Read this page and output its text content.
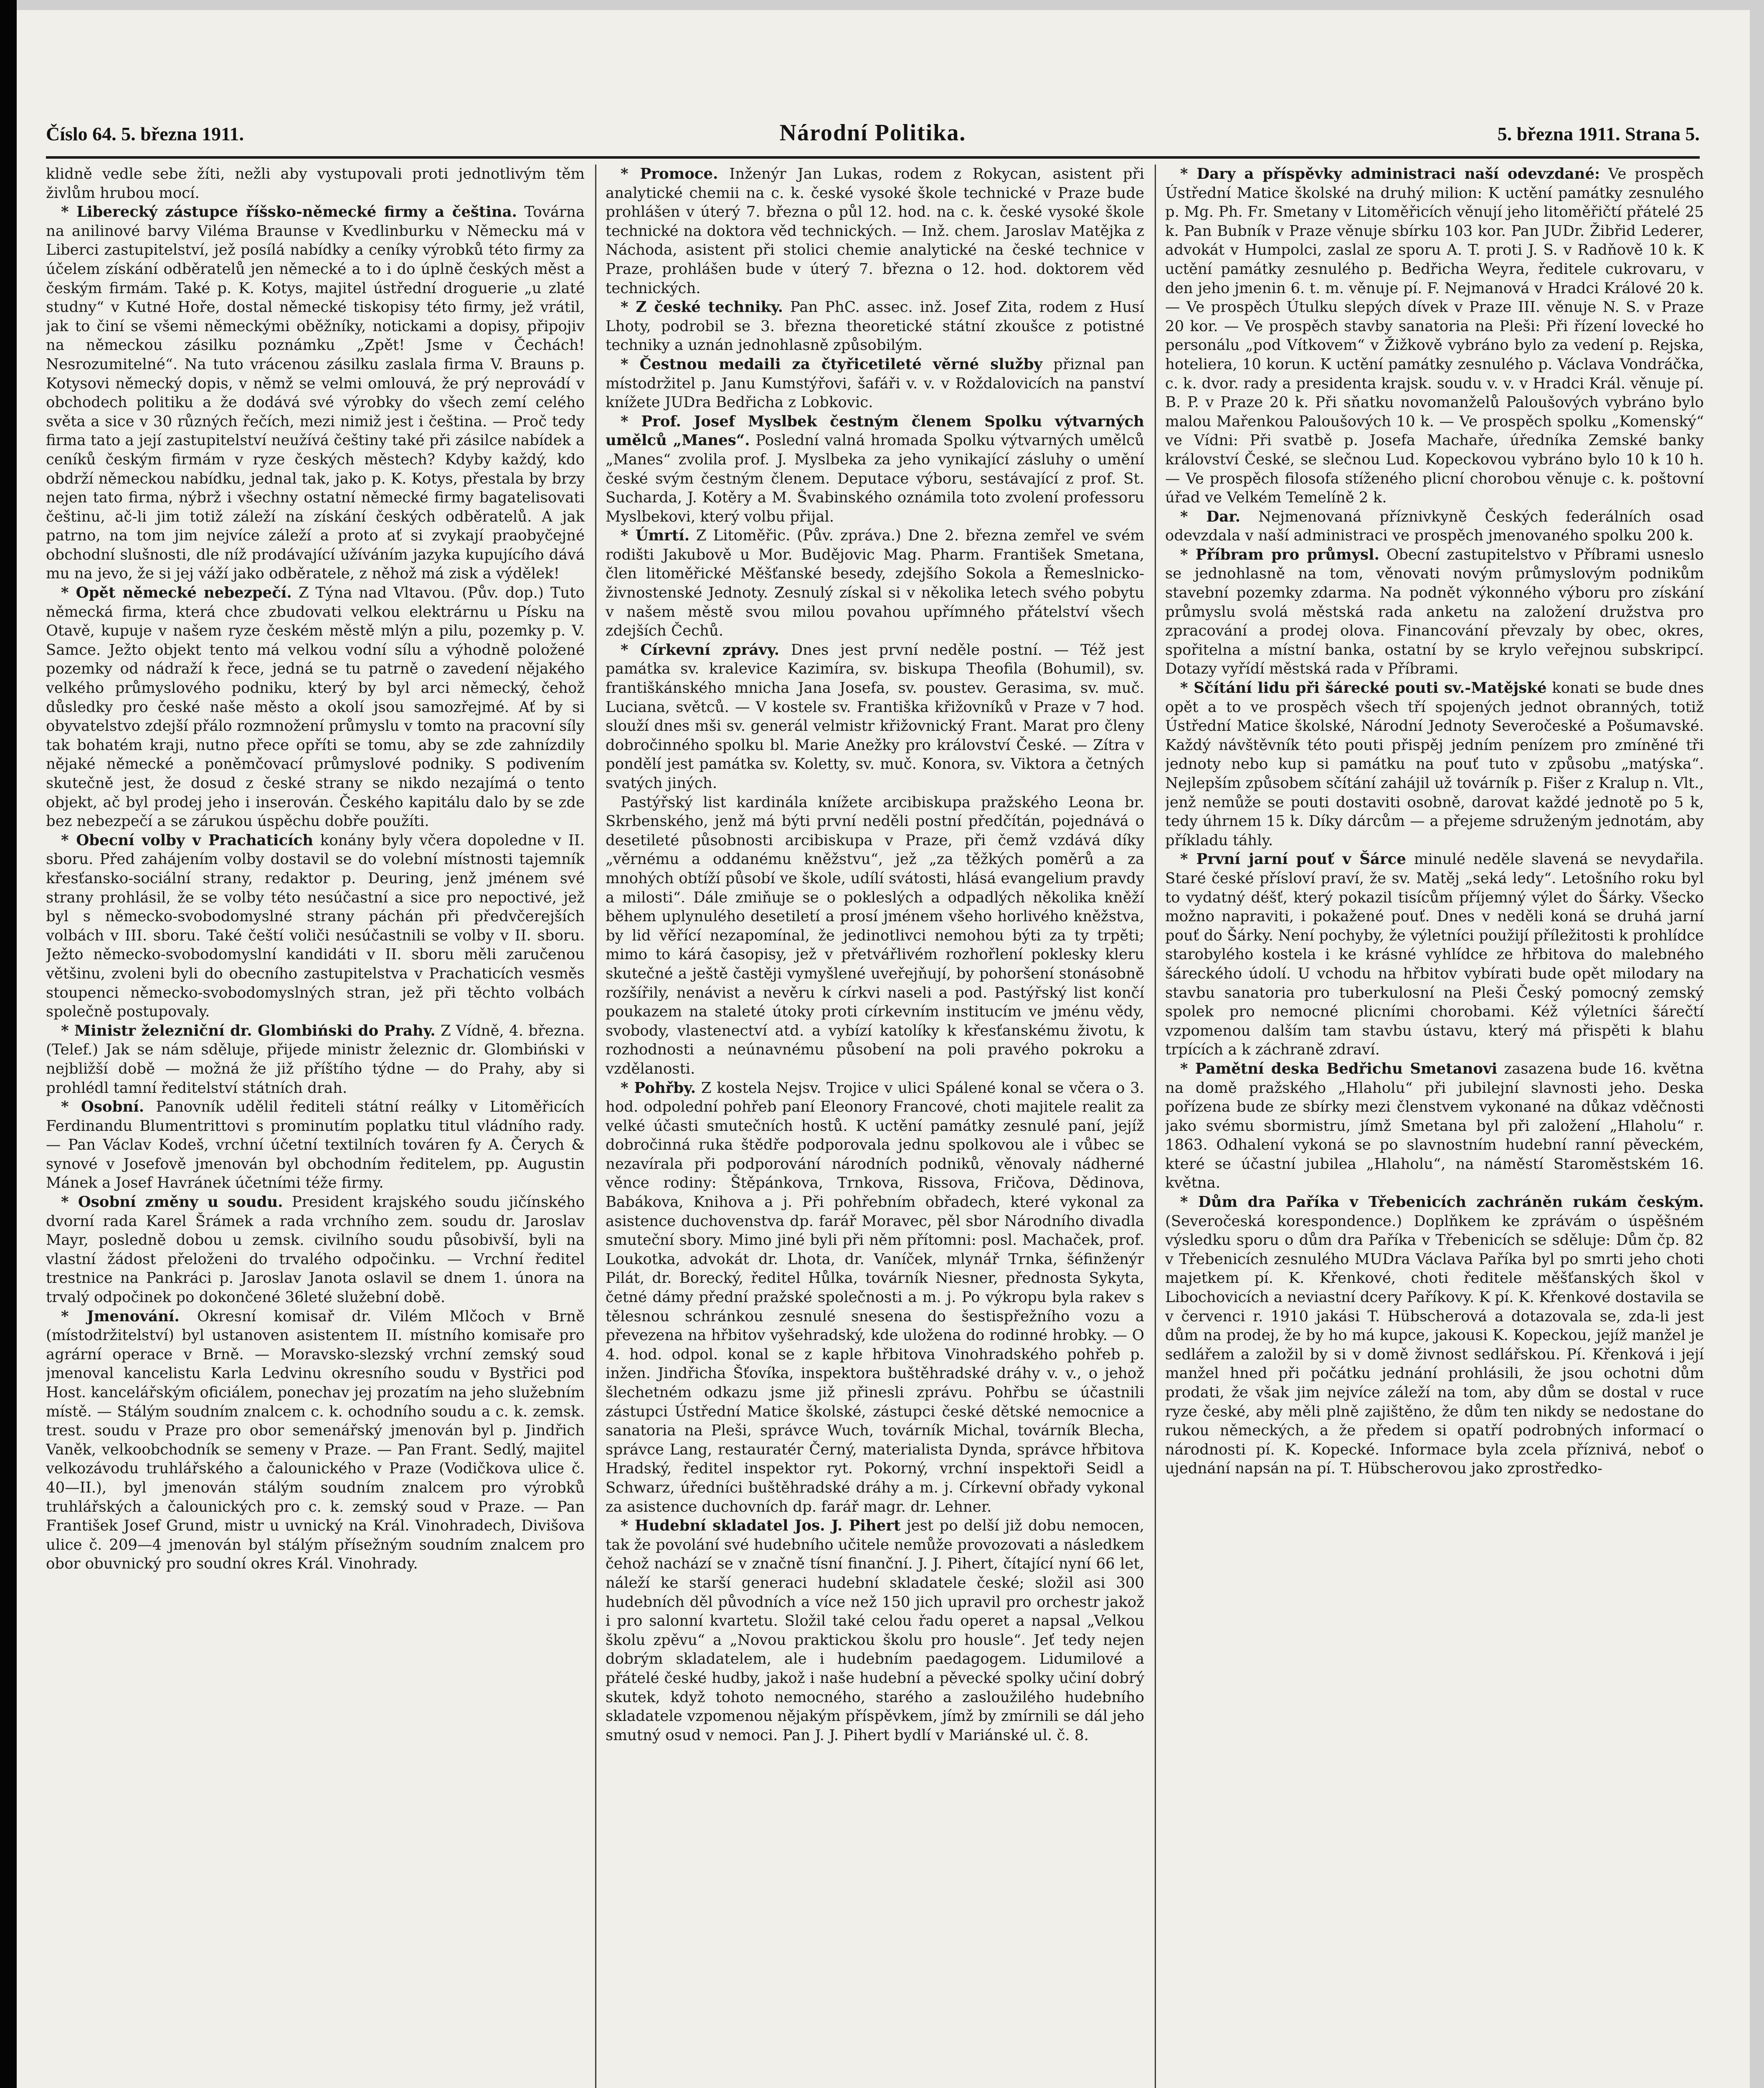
Číslo 64. 5. března 1911.	Národní Politika.	5. března 1911. Strana 5.

klidně vedle sebe žíti, nežli aby vystupovali proti jednotlivým těm živlům hrubou mocí.

* Liberecký zástupce říšsko-německé firmy a čeština. Továrna na anilinové barvy Viléma Braunse v Kvedlinburku v Německu má v Liberci zastupitelství, jež posílá nabídky a ceníky výrobků této firmy za účelem získání odběratelů jen německé a to i do úplně českých měst a českým firmám. Také p. K. Kotys, majitel ústřední droguerie „u zlaté studny“ v Kutné Hoře, dostal německé tiskopisy této firmy, jež vrátil, jak to činí se všemi německými oběžníky, notickami a dopisy, připojiv na německou zásilku poznámku „Zpět! Jsme v Čechách! Nesrozumitelné“. Na tuto vrácenou zásilku zaslala firma V. Brauns p. Kotysovi německý dopis, v němž se velmi omlouvá, že prý neprovádí v obchodech politiku a že dodává své výrobky do všech zemí celého světa a sice v 30 různých řečích, mezi nimiž jest i čeština. — Proč tedy firma tato a její zastupitelství neužívá češtiny také při zásilce nabídek a ceníků českým firmám v ryze českých městech? Kdyby každý, kdo obdrží německou nabídku, jednal tak, jako p. K. Kotys, přestala by brzy nejen tato firma, nýbrž i všechny ostatní německé firmy bagatelisovati češtinu, ač-li jim totiž záleží na získání českých odběratelů. A jak patrno, na tom jim nejvíce záleží a proto ať si zvykají praobyčejné obchodní slušnosti, dle níž prodávající užíváním jazyka kupujícího dává mu na jevo, že si jej váží jako odběratele, z něhož má zisk a výdělek!

* Opět německé nebezpečí. Z Týna nad Vltavou. (Pův. dop.) Tuto německá firma, která chce zbudovati velkou elektrárnu u Písku na Otavě, kupuje v našem ryze českém městě mlýn a pilu, pozemky p. V. Samce. Ježto objekt tento má velkou vodní sílu a výhodně položené pozemky od nádraží k řece, jedná se tu patrně o zavedení nějakého velkého průmyslového podniku, který by byl arci německý, čehož důsledky pro české naše město a okolí jsou samozřejmé. Ať by si obyvatelstvo zdejší přálo rozmnožení průmyslu v tomto na pracovní síly tak bohatém kraji, nutno přece opříti se tomu, aby se zde zahnízdily nějaké německé a poněmčovací průmyslové podniky. S podivením skutečně jest, že dosud z české strany se nikdo nezajímá o tento objekt, ač byl prodej jeho i inserován. Českého kapitálu dalo by se zde bez nebezpečí a se zárukou úspěchu dobře použíti.

* Obecní volby v Prachaticích konány byly včera dopoledne v II. sboru. Před zahájením volby dostavil se do volební místnosti tajemník křesťansko-sociální strany, redaktor p. Deuring, jenž jménem své strany prohlásil, že se volby této nesúčastní a sice pro nepoctivé, jež byl s německo-svobodomyslné strany páchán při předvčerejších volbách v III. sboru. Také čeští voliči nesúčastnili se volby v II. sboru. Ježto německo-svobodomyslní kandidáti v II. sboru měli zaručenou většinu, zvoleni byli do obecního zastupitelstva v Prachaticích vesměs stoupenci německo-svobodomyslných stran, jež při těchto volbách společně postupovaly.

* Ministr železniční dr. Glombiński do Prahy. Z Vídně, 4. března. (Telef.) Jak se nám sděluje, přijede ministr železnic dr. Glombiński v nejbližší době — možná že již příštího týdne — do Prahy, aby si prohlédl tamní ředitelství státních drah.

* Osobní. Panovník udělil řediteli státní reálky v Litoměřicích Ferdinandu Blumentrittovi s prominutím poplatku titul vládního rady. — Pan Václav Kodeš, vrchní účetní textilních továren fy A. Čerych & synové v Josefově jmenován byl obchodním ředitelem, pp. Augustin Mánek a Josef Havránek účetními téže firmy.

* Osobní změny u soudu. President krajského soudu jičínského dvorní rada Karel Šrámek a rada vrchního zem. soudu dr. Jaroslav Mayr, posledně dobou u zemsk. civilního soudu působivší, byli na vlastní žádost přeloženi do trvalého odpočinku. — Vrchní ředitel trestnice na Pankráci p. Jaroslav Janota oslavil se dnem 1. února na trvalý odpočinek po dokončené 36leté služební době.

* Jmenování. Okresní komisař dr. Vilém Mlčoch v Brně (místodržitelství) byl ustanoven asistentem II. místního komisaře pro agrární operace v Brně. — Moravsko-slezský vrchní zemský soud jmenoval kancelistu Karla Ledvinu okresního soudu v Bystřici pod Host. kancelářským oficiálem, ponechav jej prozatím na jeho služebním místě. — Stálým soudním znalcem c. k. ochodního soudu a c. k. zemsk. trest. soudu v Praze pro obor semenářský jmenován byl p. Jindřich Vaněk, velkoobchodník se semeny v Praze. — Pan Frant. Sedlý, majitel velkozávodu truhlářského a čalounického v Praze (Vodičkova ulice č. 40—II.), byl jmenován stálým soudním znalcem pro výrobků truhlářských a čalounických pro c. k. zemský soud v Praze. — Pan František Josef Grund, mistr u uvnický na Král. Vinohradech, Divišova ulice č. 209—4 jmenován byl stálým přísežným soudním znalcem pro obor obuvnický pro soudní okres Král. Vinohrady.

* Promoce. Inženýr Jan Lukas, rodem z Rokycan, asistent při analytické chemii na c. k. české vysoké škole technické v Praze bude prohlášen v úterý 7. března o půl 12. hod. na c. k. české vysoké škole technické na doktora věd technických. — Inž. chem. Jaroslav Matějka z Náchoda, asistent při stolici chemie analytické na české technice v Praze, prohlášen bude v úterý 7. března o 12. hod. doktorem věd technických.

* Z české techniky. Pan PhC. assec. inž. Josef Zita, rodem z Husí Lhoty, podrobil se 3. března theoretické státní zkoušce z potistné techniky a uznán jednohlasně způsobilým.

* Čestnou medaili za čtyřicetileté věrné služby přiznal pan místodržitel p. Janu Kumstýřovi, šafáři v. v. v Roždalovicích na panství knížete JUDra Bedřicha z Lobkovic.

* Prof. Josef Myslbek čestným členem Spolku výtvarných umělců „Manes“. Poslední valná hromada Spolku výtvarných umělců „Manes“ zvolila prof. J. Myslbeka za jeho vynikající zásluhy o umění české svým čestným členem. Deputace výboru, sestávající z prof. St. Sucharda, J. Kotěry a M. Švabinského oznámila toto zvolení professoru Myslbekovi, který volbu přijal.

* Úmrtí. Z Litoměřic. (Pův. zpráva.) Dne 2. března zemřel ve svém rodišti Jakubově u Mor. Budějovic Mag. Pharm. František Smetana, člen litoměřické Měšťanské besedy, zdejšího Sokola a Řemeslnicko-živnostenské Jednoty. Zesnulý získal si v několika letech svého pobytu v našem městě svou milou povahou upřímného přátelství všech zdejších Čechů.

* Církevní zprávy. Dnes jest první neděle postní. — Též jest památka sv. kralevice Kazimíra, sv. biskupa Theofila (Bohumil), sv. františkánského mnicha Jana Josefa, sv. poustev. Gerasima, sv. muč. Luciana, světců. — V kostele sv. Františka křižovníků v Praze v 7 hod. slouží dnes mši sv. generál velmistr křižovnický Frant. Marat pro členy dobročinného spolku bl. Marie Anežky pro království České. — Zítra v pondělí jest památka sv. Koletty, sv. muč. Konora, sv. Viktora a četných svatých jiných.

Pastýřský list kardinála knížete arcibiskupa pražského Leona br. Skrbenského, jenž má býti první neděli postní předčítán, pojednává o desetileté působnosti arcibiskupa v Praze, při čemž vzdává díky „věrnému a oddanému kněžstvu“, jež „za těžkých poměrů a za mnohých obtíží působí ve škole, udílí svátosti, hlásá evangelium pravdy a milosti“. Dále zmiňuje se o pokleslých a odpadlých několika kněží během uplynulého desetiletí a prosí jménem všeho horlivého kněžstva, by lid věřící nezapomínal, že jedinotlivci nemohou býti za ty trpěti; mimo to kárá časopisy, jež v přetvářlivém rozhořlení poklesky kleru skutečné a ještě častěji vymyšlené uveřejňují, by pohoršení stonásobně rozšířily, nenávist a nevěru k církvi naseli a pod. Pastýřský list končí poukazem na staleté útoky proti církevním institucím ve jménu vědy, svobody, vlastenectví atd. a vybízí katolíky k křesťanskému životu, k rozhodnosti a neúnavnému působení na poli pravého pokroku a vzdělanosti.

* Pohřby. Z kostela Nejsv. Trojice v ulici Spálené konal se včera o 3. hod. odpolední pohřeb paní Eleonory Francové, choti majitele realit za velké účasti smutečních hostů. K uctění památky zesnulé paní, jejíž dobročinná ruka štědře podporovala jednu spolkovou ale i vůbec se nezavírala při podporování národních podniků, věnovaly nádherné věnce rodiny: Štěpánkova, Trnkova, Rissova, Fričova, Dědinova, Babákova, Knihova a j. Při pohřebním obřadech, které vykonal za asistence duchovenstva dp. farář Moravec, pěl sbor Národního divadla smuteční sbory. Mimo jiné byli při něm přítomni: posl. Machaček, prof. Loukotka, advokát dr. Lhota, dr. Vaníček, mlynář Trnka, šéfinženýr Pilát, dr. Borecký, ředitel Hůlka, továrník Niesner, přednosta Sykyta, četné dámy přední pražské společnosti a m. j. Po výkropu byla rakev s tělesnou schránkou zesnulé snesena do šestispřežního vozu a převezena na hřbitov vyšehradský, kde uložena do rodinné hrobky. — O 4. hod. odpol. konal se z kaple hřbitova Vinohradského pohřeb p. inžen. Jindřicha Šťovíka, inspektora buštěhradské dráhy v. v., o jehož šlechetném odkazu jsme již přinesli zprávu. Pohřbu se účastnili zástupci Ústřední Matice školské, zástupci české dětské nemocnice a sanatoria na Pleši, správce Wuch, továrník Michal, továrník Blecha, správce Lang, restauratér Černý, materialista Dynda, správce hřbitova Hradský, ředitel inspektor ryt. Pokorný, vrchní inspektoři Seidl a Schwarz, úředníci buštěhradské dráhy a m. j. Církevní obřady vykonal za asistence duchovních dp. farář magr. dr. Lehner.

* Hudební skladatel Jos. J. Pihert jest po delší již dobu nemocen, tak že povolání své hudebního učitele nemůže provozovati a následkem čehož nachází se v značně tísní finanční. J. J. Pihert, čítající nyní 66 let, náleží ke starší generaci hudební skladatele české; složil asi 300 hudebních děl původních a více než 150 jich upravil pro orchestr jakož i pro salonní kvartetu. Složil také celou řadu operet a napsal „Velkou školu zpěvu“ a „Novou praktickou školu pro housle“. Jeť tedy nejen dobrým skladatelem, ale i hudebním paedagogem. Lidumilové a přátelé české hudby, jakož i naše hudební a pěvecké spolky učiní dobrý skutek, když tohoto nemocného, starého a zasloužilého hudebního skladatele vzpomenou nějakým příspěvkem, jímž by zmírnili se dál jeho smutný osud v nemoci. Pan J. J. Pihert bydlí v Mariánské ul. č. 8.

* Dary a příspěvky administraci naší odevzdané: Ve prospěch Ústřední Matice školské na druhý milion: K uctění památky zesnulého p. Mg. Ph. Fr. Smetany v Litoměřicích věnují jeho litoměřičtí přátelé 25 k. Pan Bubník v Praze věnuje sbírku 103 kor. Pan JUDr. Žibřid Lederer, advokát v Humpolci, zaslal ze sporu A. T. proti J. S. v Radňově 10 k. K uctění památky zesnulého p. Bedřicha Weyra, ředitele cukrovaru, v den jeho jmenin 6. t. m. věnuje pí. F. Nejmanová v Hradci Králové 20 k. — Ve prospěch Útulku slepých dívek v Praze III. věnuje N. S. v Praze 20 kor. — Ve prospěch stavby sanatoria na Pleši: Při řízení lovecké ho personálu „pod Vítkovem“ v Žižkově vybráno bylo za vedení p. Rejska, hoteliera, 10 korun. K uctění památky zesnulého p. Václava Vondráčka, c. k. dvor. rady a presidenta krajsk. soudu v. v. v Hradci Král. věnuje pí. B. P. v Praze 20 k. Při sňatku novomanželů Paloušových vybráno bylo malou Mařenkou Paloušových 10 k. — Ve prospěch spolku „Komenský“ ve Vídni: Při svatbě p. Josefa Machaře, úředníka Zemské banky království České, se slečnou Lud. Kopeckovou vybráno bylo 10 k 10 h. — Ve prospěch filosofa stíženého plicní chorobou věnuje c. k. poštovní úřad ve Velkém Temelíně 2 k.

* Dar. Nejmenovaná příznivkyně Českých federálních osad odevzdala v naší administraci ve prospěch jmenovaného spolku 200 k.

* Příbram pro průmysl. Obecní zastupitelstvo v Příbrami usneslo se jednohlasně na tom, věnovati novým průmyslovým podnikům stavební pozemky zdarma. Na podnět výkonného výboru pro získání průmyslu svolá městská rada anketu na založení družstva pro zpracování a prodej olova. Financování převzaly by obec, okres, spořitelna a místní banka, ostatní by se krylo veřejnou subskripcí. Dotazy vyřídí městská rada v Příbrami.

* Sčítání lidu při šárecké pouti sv.-Matějské konati se bude dnes opět a to ve prospěch všech tří spojených jednot obranných, totiž Ústřední Matice školské, Národní Jednoty Severočeské a Pošumavské. Každý návštěvník této pouti přispěj jedním penízem pro zmíněné tři jednoty nebo kup si památku na pouť tuto v způsobu „matýska“. Nejlepším způsobem sčítání zahájil už továrník p. Fišer z Kralup n. Vlt., jenž nemůže se pouti dostaviti osobně, darovat každé jednotě po 5 k, tedy úhrnem 15 k. Díky dárcům — a přejeme sdruženým jednotám, aby příkladu táhly.

* První jarní pouť v Šárce minulé neděle slavená se nevydařila. Staré české přísloví praví, že sv. Matěj „seká ledy“. Letošního roku byl to vydatný déšť, který pokazil tisícům příjemný výlet do Šárky. Všecko možno napraviti, i pokažené pouť. Dnes v neděli koná se druhá jarní pouť do Šárky. Není pochyby, že výletníci použijí příležitosti k prohlídce starobylého kostela i ke krásné vyhlídce ze hřbitova do malebného šáreckého údolí. U vchodu na hřbitov vybírati bude opět milodary na stavbu sanatoria pro tuberkulosní na Pleši Český pomocný zemský spolek pro nemocné plicními chorobami. Kéž výletníci šárečtí vzpomenou dalším tam stavbu ústavu, který má přispěti k blahu trpících a k záchraně zdraví.

* Pamětní deska Bedřichu Smetanovi zasazena bude 16. května na domě pražského „Hlaholu“ při jubilejní slavnosti jeho. Deska pořízena bude ze sbírky mezi členstvem vykonané na důkaz vděčnosti jako svému sbormistru, jímž Smetana byl při založení „Hlaholu“ r. 1863. Odhalení vykoná se po slavnostním hudební ranní pěveckém, které se účastní jubilea „Hlaholu“, na náměstí Staroměstském 16. května.

* Dům dra Paříka v Třebenicích zachráněn rukám českým. (Severočeská korespondence.) Doplňkem ke zprávám o úspěšném výsledku sporu o dům dra Paříka v Třebenicích se sděluje: Dům čp. 82 v Třebenicích zesnulého MUDra Václava Paříka byl po smrti jeho choti majetkem pí. K. Křenkové, choti ředitele měšťanských škol v Libochovicích a neviastní dcery Paříkovy. K pí. K. Křenkové dostavila se v červenci r. 1910 jakási T. Hübscherová a dotazovala se, zda-li jest dům na prodej, že by ho má kupce, jakousi K. Kopeckou, jejíž manžel je sedlářem a založil by si v domě živnost sedlářskou. Pí. Křenková i její manžel hned při počátku jednání prohlásili, že jsou ochotni dům prodati, že však jim nejvíce záleží na tom, aby dům se dostal v ruce ryze české, aby měli plně zajištěno, že dům ten nikdy se nedostane do rukou německých, a že předem si opatří podrobných informací o národnosti pí. K. Kopecké. Informace byla zcela příznivá, neboť o ujednání napsán na pí. T. Hübscherovou jako zprostředko-
